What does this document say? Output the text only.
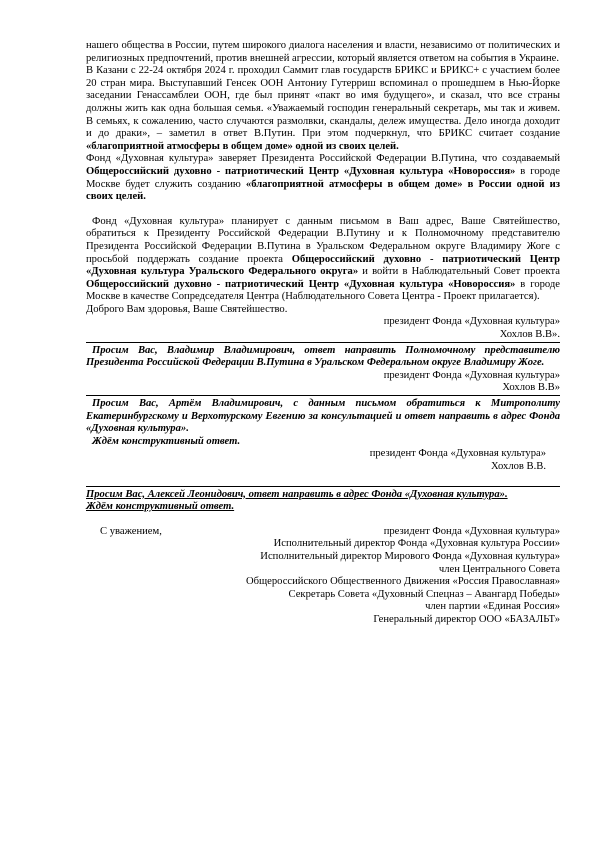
нашего общества в России, путем широкого диалога населения и власти, независимо от политических и религиозных предпочтений, против внешней агрессии, который является ответом на события в Украине.

В Казани с 22-24 октября 2024 г. проходил Саммит глав государств БРИКС и БРИКС+ с участием более 20 стран мира. Выступавший Генсек ООН Антониу Гутерриш вспоминал о прошедшем в Нью-Йорке заседании Генассамблеи ООН, где был принят «пакт во имя будущего», и сказал, что все страны должны жить как одна большая семья. «Уважаемый господин генеральный секретарь, мы так и живем. В семьях, к сожалению, часто случаются размолвки, скандалы, дележ имущества. Дело иногда доходит и до драки», – заметил в ответ В.Путин. При этом подчеркнул, что БРИКС считает создание «благоприятной атмосферы в общем доме» одной из своих целей.

Фонд «Духовная культура» заверяет Президента Российской Федерации В.Путина, что создаваемый Общероссийский духовно - патриотический Центр «Духовная культура «Новороссия» в городе Москве будет служить созданию «благоприятной атмосферы в общем доме» в России одной из своих целей.

Фонд «Духовная культура» планирует с данным письмом в Ваш адрес, Ваше Святейшество, обратиться к Президенту Российской Федерации В.Путину и к Полномочному представителю Президента Российской Федерации В.Путина в Уральском Федеральном округе Владимиру Жоге с просьбой поддержать создание проекта Общероссийский духовно - патриотический Центр «Духовная культура Уральского Федерального округа» и войти в Наблюдательный Совет проекта Общероссийский духовно - патриотический Центр «Духовная культура «Новороссия» в городе Москве в качестве Сопредседателя Центра (Наблюдательного Совета Центра - Проект прилагается).

Доброго Вам здоровья, Ваше Святейшество.

президент Фонда «Духовная культура»

Хохлов В.В».

Просим Вас, Владимир Владимирович, ответ направить Полномочному представителю Президента Российской Федерации В.Путина в Уральском Федеральном округе Владимиру Жоге.

президент Фонда «Духовная культура»

Хохлов В.В»

Просим Вас, Артём Владимирович, с данным письмом обратиться к Митрополиту Екатеринбургскому и Верхотурскому Евгению за консультацией и ответ направить в адрес Фонда «Духовная культура».

Ждём конструктивный ответ.

президент Фонда «Духовная культура»

Хохлов В.В.

Просим Вас, Алексей Леонидович, ответ направить в адрес Фонда «Духовная культура».

Ждём конструктивный ответ.

С уважением,	президент Фонда «Духовная культура»

Исполнительный директор Фонда «Духовная культура России»

Исполнительный директор Мирового Фонда «Духовная культура»

член Центрального Совета

Общероссийского Общественного Движения «Россия Православная»

Секретарь Совета «Духовный Спецназ – Авангард Победы»

член партии «Единая Россия»

Генеральный директор ООО «БАЗАЛЬТ»
